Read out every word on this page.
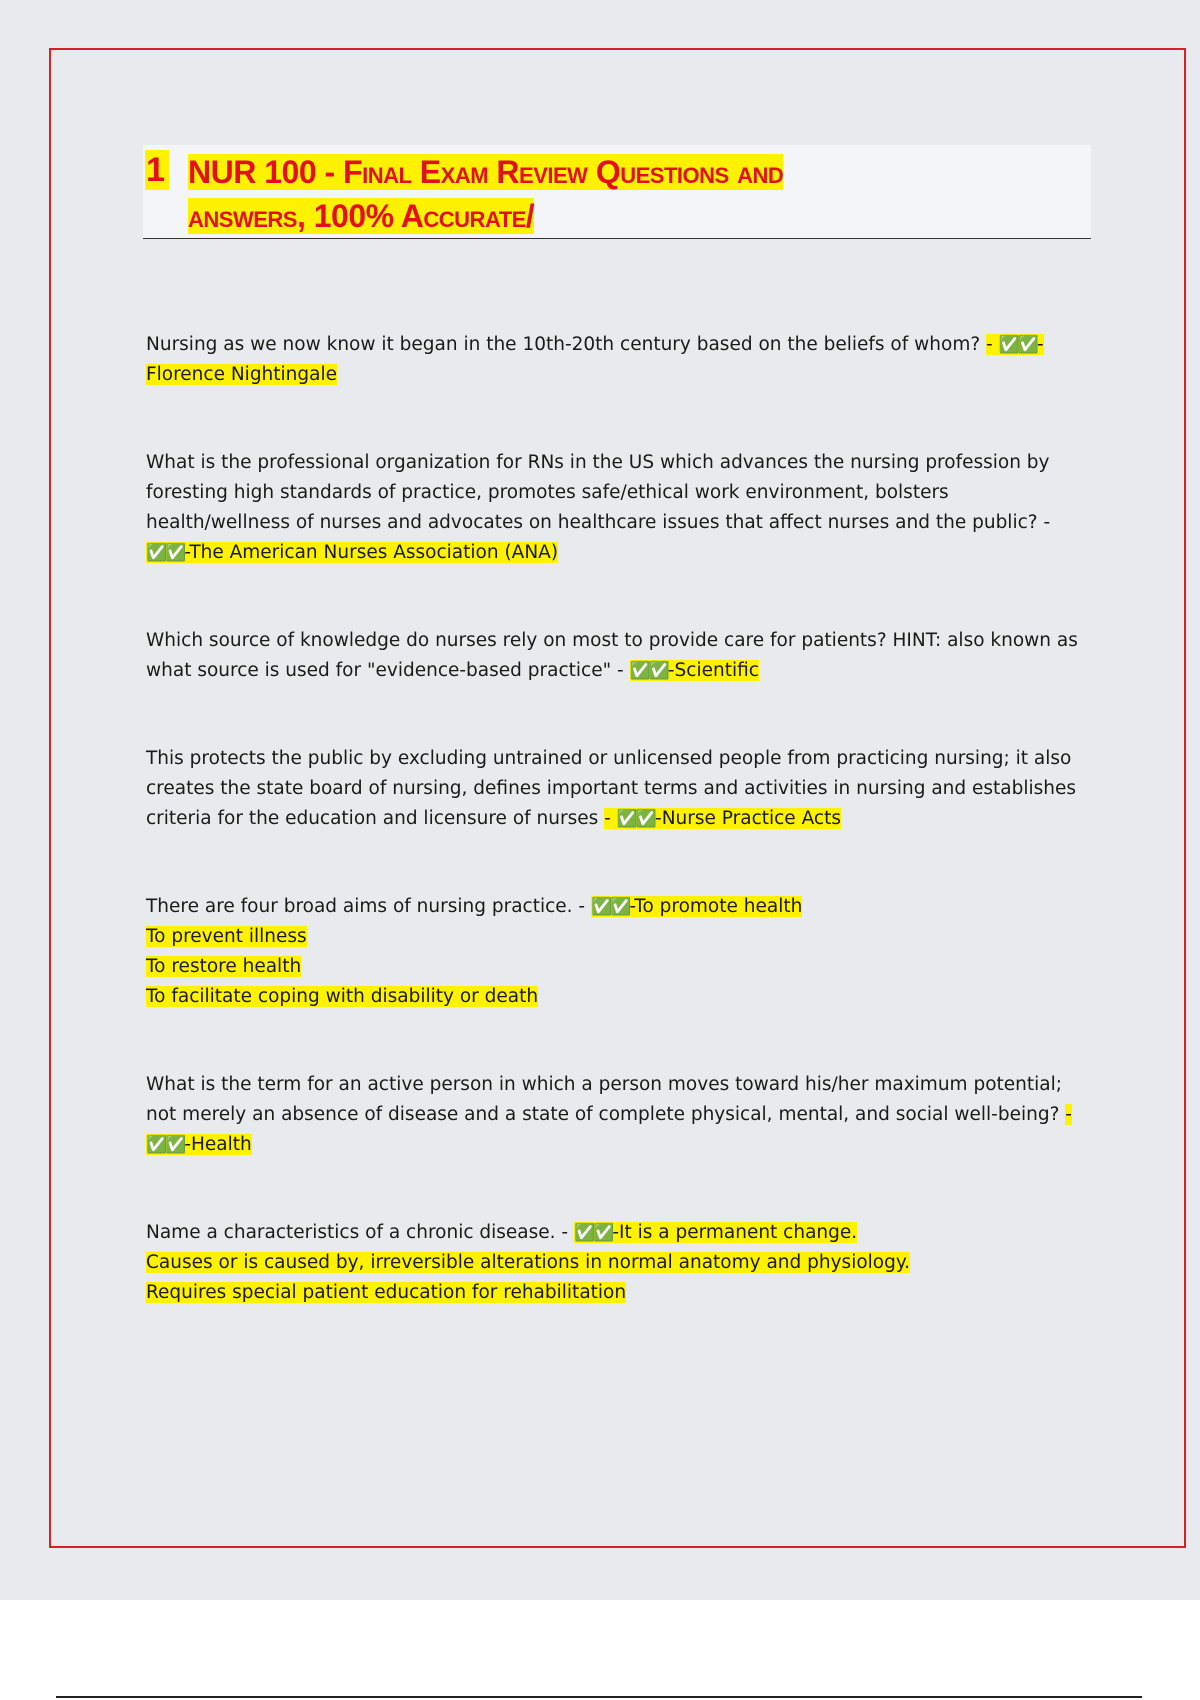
1 NUR 100 - Final Exam Review Questions and
answers, 100% Accurate/

Nursing as we now know it began in the 10th-20th century based on the beliefs of whom? - ✅✅-Florence Nightingale

What is the professional organization for RNs in the US which advances the nursing profession by foresting high standards of practice, promotes safe/ethical work environment, bolsters health/wellness of nurses and advocates on healthcare issues that affect nurses and the public? - ✅✅-The American Nurses Association (ANA)

Which source of knowledge do nurses rely on most to provide care for patients? HINT: also known as what source is used for "evidence-based practice" - ✅✅-Scientific

This protects the public by excluding untrained or unlicensed people from practicing nursing; it also creates the state board of nursing, defines important terms and activities in nursing and establishes criteria for the education and licensure of nurses - ✅✅-Nurse Practice Acts

There are four broad aims of nursing practice. - ✅✅-To promote health

To prevent illness

To restore health

To facilitate coping with disability or death

What is the term for an active person in which a person moves toward his/her maximum potential; not merely an absence of disease and a state of complete physical, mental, and social well-being? - ✅✅-Health

Name a characteristics of a chronic disease. - ✅✅-It is a permanent change.

Causes or is caused by, irreversible alterations in normal anatomy and physiology.

Requires special patient education for rehabilitation
